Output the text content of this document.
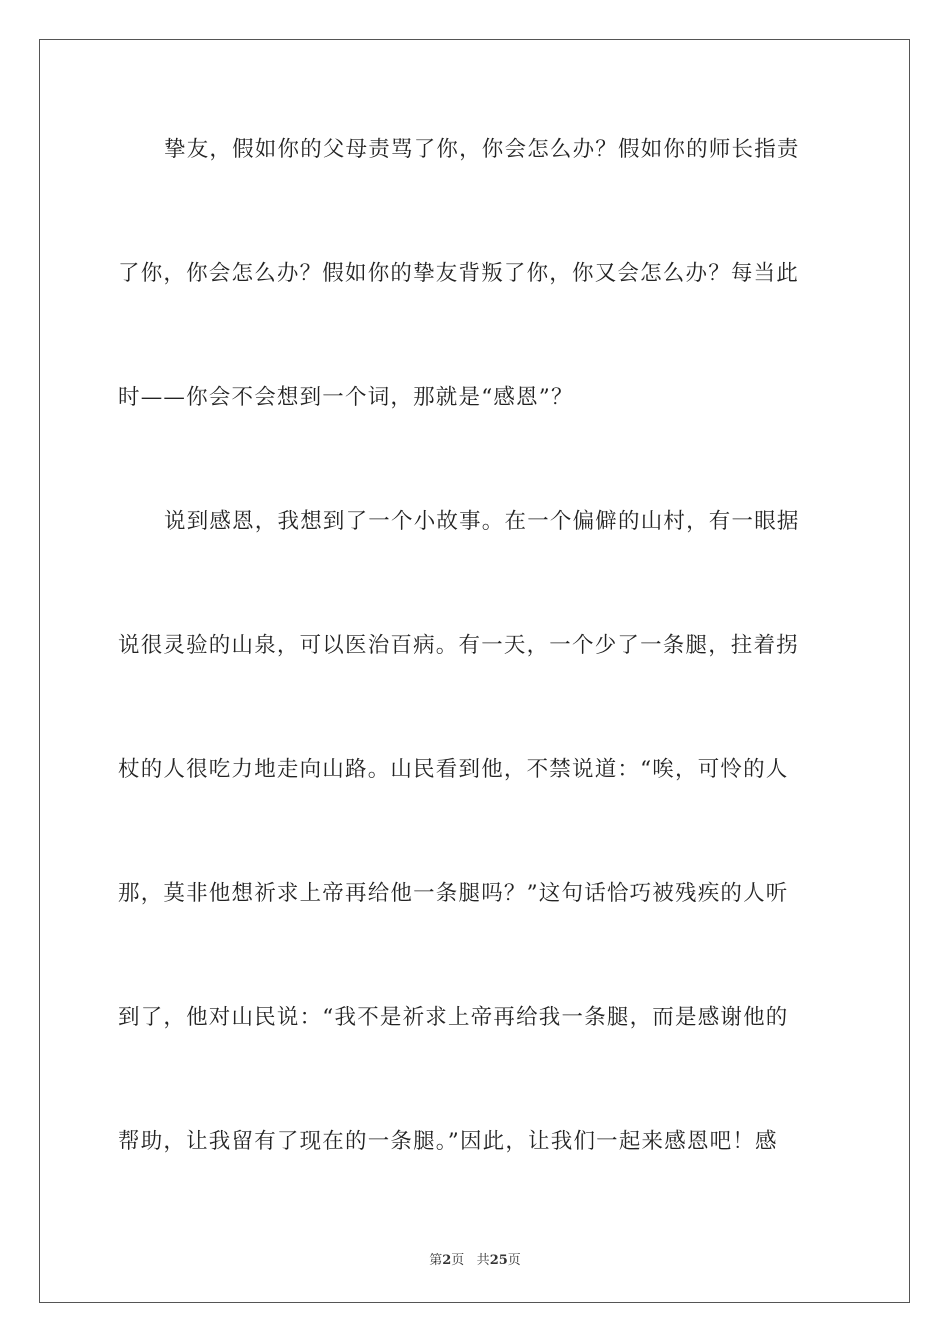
挚友，假如你的父母责骂了你，你会怎么办？假如你的师长指责
了你，你会怎么办？假如你的挚友背叛了你，你又会怎么办？每当此
时——你会不会想到一个词，那就是“感恩”？
说到感恩，我想到了一个小故事。在一个偏僻的山村，有一眼据
说很灵验的山泉，可以医治百病。有一天，一个少了一条腿，拄着拐
杖的人很吃力地走向山路。山民看到他，不禁说道：“唉，可怜的人
那，莫非他想祈求上帝再给他一条腿吗？”这句话恰巧被残疾的人听
到了，他对山民说：“我不是祈求上帝再给我一条腿，而是感谢他的
帮助，让我留有了现在的一条腿。”因此，让我们一起来感恩吧！感
第2页 共25页
